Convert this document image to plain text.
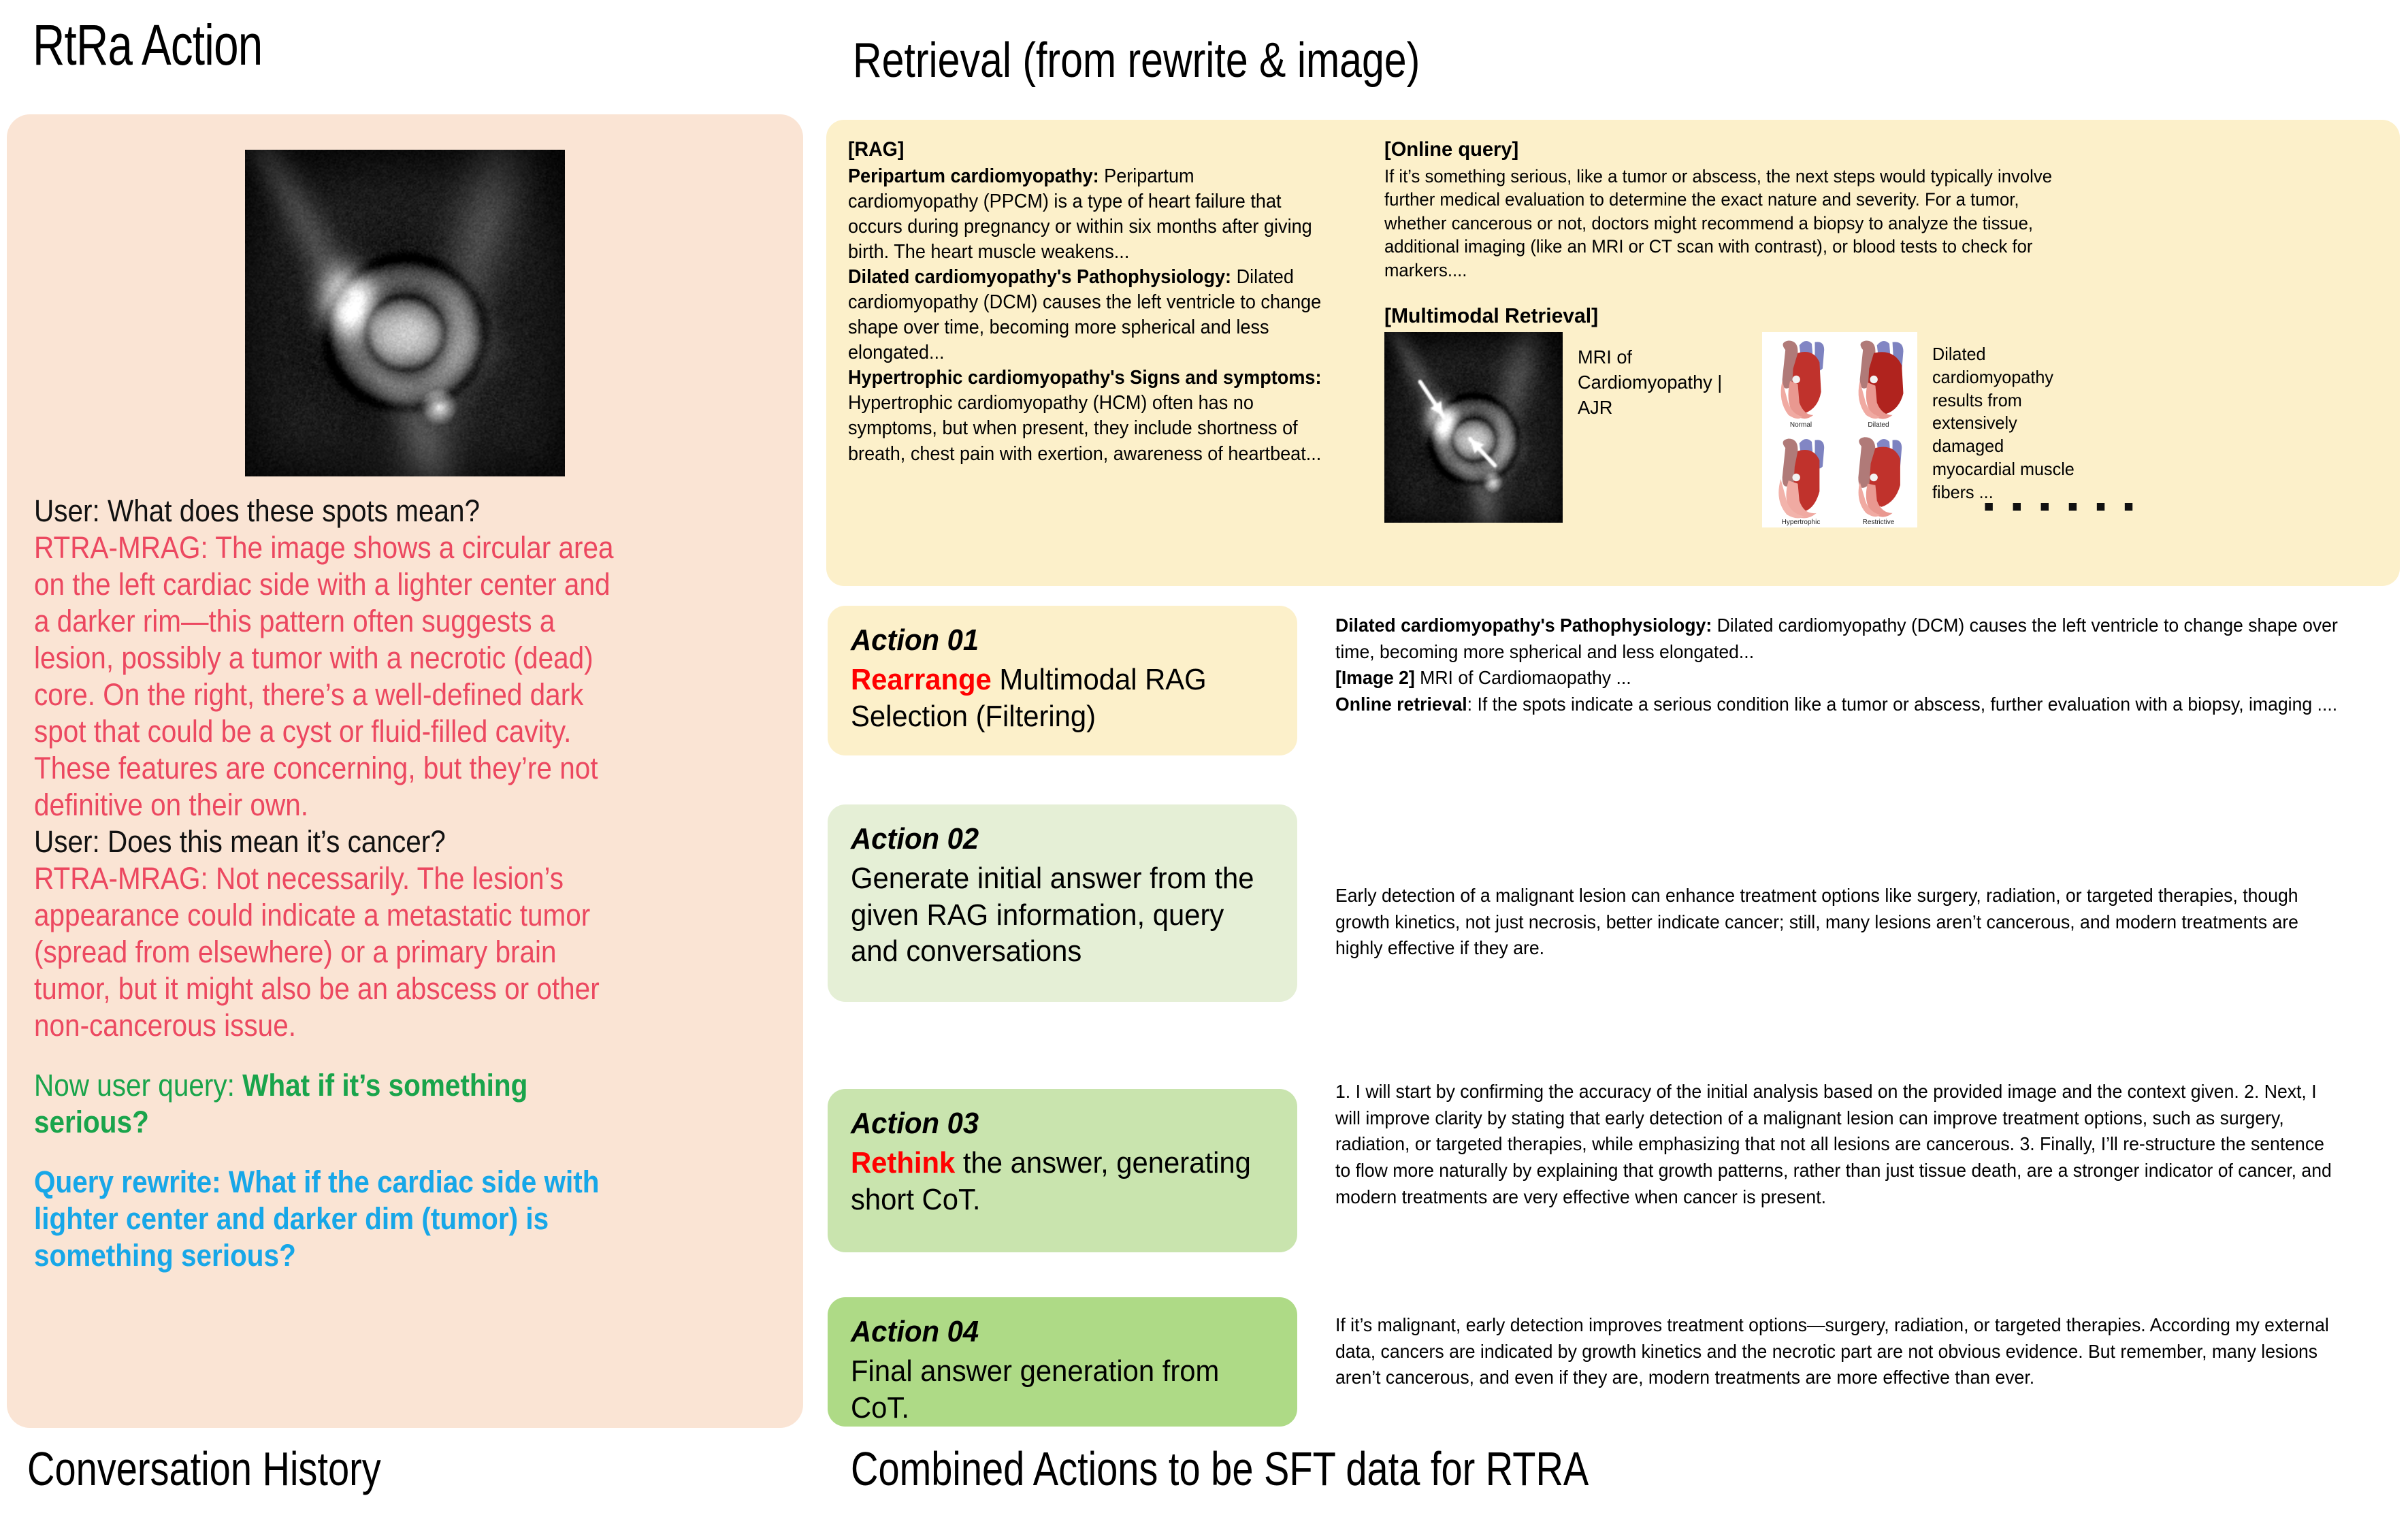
RtRa Action	Retrieval (from rewrite & image)
Conversation History	Combined Actions to be SFT data for RTRA
User: What does these spots mean?
RTRA-MRAG: The image shows a circular area
on the left cardiac side with a lighter center and
a darker rim—this pattern often suggests a
lesion, possibly a tumor with a necrotic (dead)
core. On the right, there’s a well-defined dark
spot that could be a cyst or fluid-filled cavity.
These features are concerning, but they’re not
definitive on their own.
User: Does this mean it’s cancer?
RTRA-MRAG: Not necessarily. The lesion’s
appearance could indicate a metastatic tumor
(spread from elsewhere) or a primary brain
tumor, but it might also be an abscess or other
non-cancerous issue.
Now user query: What if it’s something
serious?
Query rewrite: What if the cardiac side with
lighter center and darker dim (tumor) is
something serious?
[RAG]

Peripartum cardiomyopathy: Peripartum cardiomyopathy (PPCM) is a type of heart failure that occurs during pregnancy or within six months after giving birth. The heart muscle weakens...

Dilated cardiomyopathy's Pathophysiology: Dilated cardiomyopathy (DCM) causes the left ventricle to change shape over time, becoming more spherical and less elongated...

Hypertrophic cardiomyopathy's Signs and symptoms: Hypertrophic cardiomyopathy (HCM) often has no symptoms, but when present, they include shortness of breath, chest pain with exertion, awareness of heartbeat...

[Online query]

If it’s something serious, like a tumor or abscess, the next steps would typically involve further medical evaluation to determine the exact nature and severity. For a tumor, whether cancerous or not, doctors might recommend a biopsy to analyze the tissue, additional imaging (like an MRI or CT scan with contrast), or blood tests to check for markers....

[Multimodal Retrieval]
MRI of Cardiomyopathy | AJR
Normal	Dilated
Hypertrophic	Restrictive
Dilated cardiomyopathy results from extensively damaged myocardial muscle fibers ...
▪ ▪ ▪ ▪ ▪ ▪
Action 01
Rearrange Multimodal RAG Selection (Filtering)

Dilated cardiomyopathy's Pathophysiology: Dilated cardiomyopathy (DCM) causes the left ventricle to change shape over time, becoming more spherical and less elongated...

[Image 2] MRI of Cardiomaopathy ...

Online retrieval: If the spots indicate a serious condition like a tumor or abscess, further evaluation with a biopsy, imaging ....

Action 02
Generate initial answer from the given RAG information, query and conversations

Early detection of a malignant lesion can enhance treatment options like surgery, radiation, or targeted therapies, though growth kinetics, not just necrosis, better indicate cancer; still, many lesions aren’t cancerous, and modern treatments are highly effective if they are.

Action 03
Rethink the answer, generating short CoT.

1. I will start by confirming the accuracy of the initial analysis based on the provided image and the context given. 2. Next, I will improve clarity by stating that early detection of a malignant lesion can improve treatment options, such as surgery, radiation, or targeted therapies, while emphasizing that not all lesions are cancerous. 3. Finally, I’ll re-structure the sentence to flow more naturally by explaining that growth patterns, rather than just tissue death, are a stronger indicator of cancer, and modern treatments are very effective when cancer is present.

Action 04
Final answer generation from CoT.

If it’s malignant, early detection improves treatment options—surgery, radiation, or targeted therapies. According my external data, cancers are indicated by growth kinetics and the necrotic part are not obvious evidence. But remember, many lesions aren’t cancerous, and even if they are, modern treatments are more effective than ever.
